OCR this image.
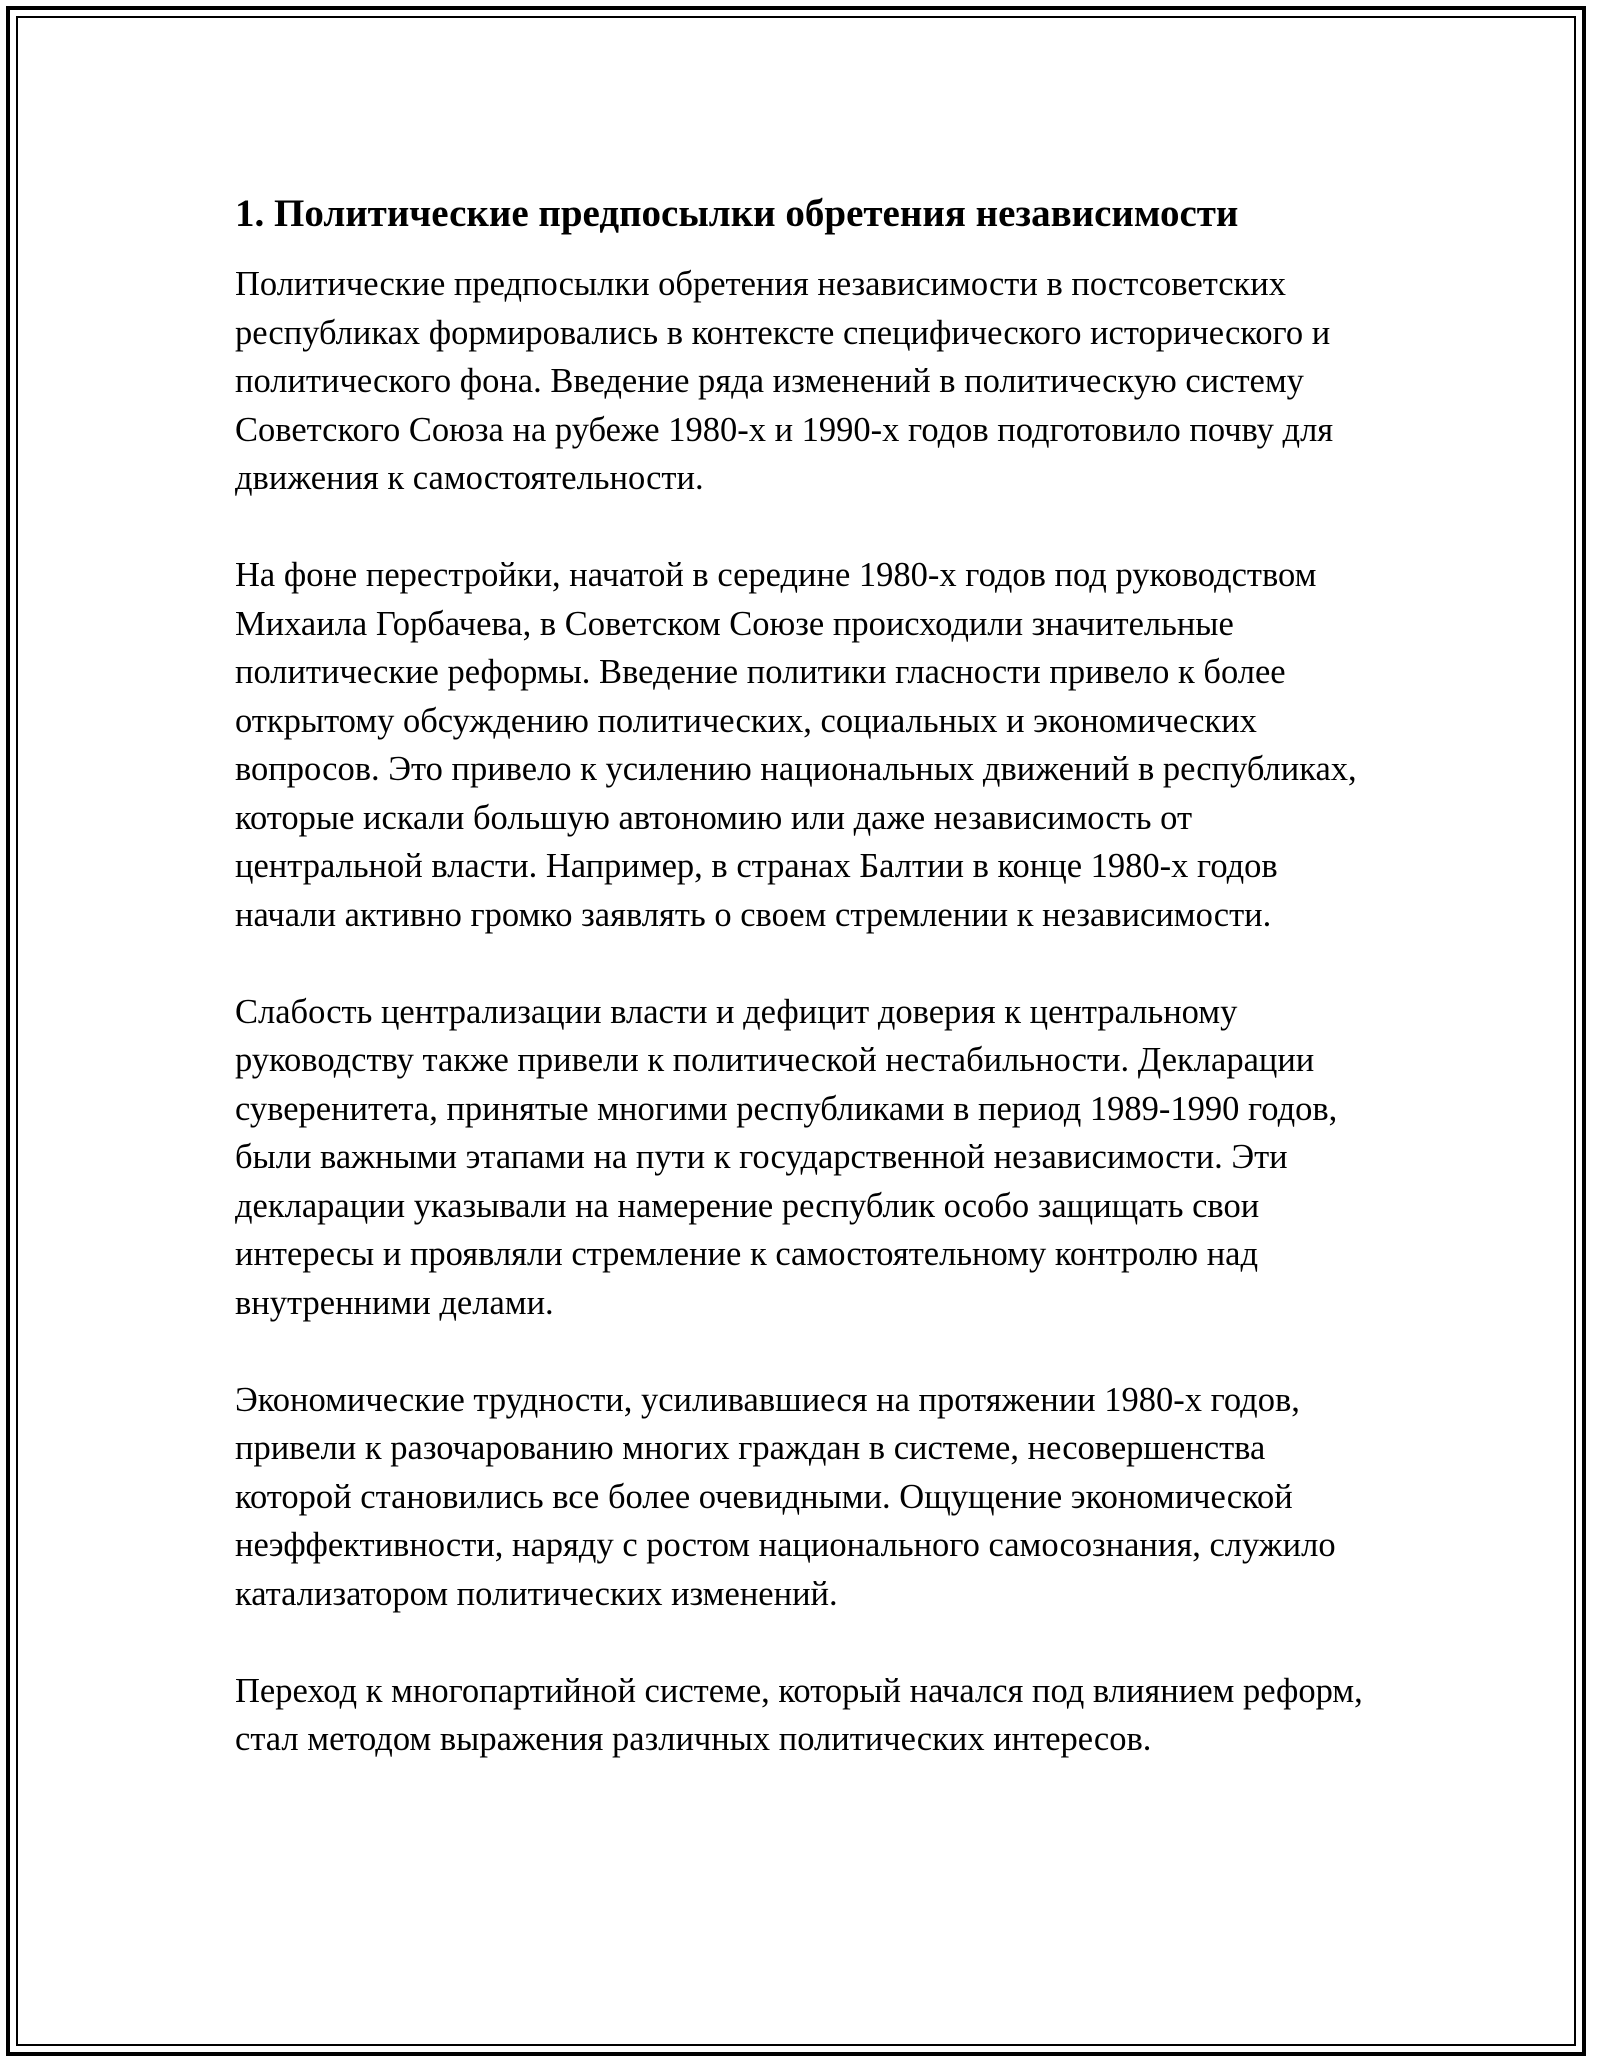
1. Политические предпосылки обретения независимости

Политические предпосылки обретения независимости в постсоветских республиках формировались в контексте специфического исторического и политического фона. Введение ряда изменений в политическую систему Советского Союза на рубеже 1980-х и 1990-х годов подготовило почву для движения к самостоятельности.

На фоне перестройки, начатой в середине 1980-х годов под руководством Михаила Горбачева, в Советском Союзе происходили значительные политические реформы. Введение политики гласности привело к более открытому обсуждению политических, социальных и экономических вопросов. Это привело к усилению национальных движений в республиках, которые искали большую автономию или даже независимость от центральной власти. Например, в странах Балтии в конце 1980-х годов начали активно громко заявлять о своем стремлении к независимости.

Слабость централизации власти и дефицит доверия к центральному руководству также привели к политической нестабильности. Декларации суверенитета, принятые многими республиками в период 1989-1990 годов, были важными этапами на пути к государственной независимости. Эти декларации указывали на намерение республик особо защищать свои интересы и проявляли стремление к самостоятельному контролю над внутренними делами.

Экономические трудности, усиливавшиеся на протяжении 1980-х годов, привели к разочарованию многих граждан в системе, несовершенства которой становились все более очевидными. Ощущение экономической неэффективности, наряду с ростом национального самосознания, служило катализатором политических изменений.

Переход к многопартийной системе, который начался под влиянием реформ, стал методом выражения различных политических интересов.
